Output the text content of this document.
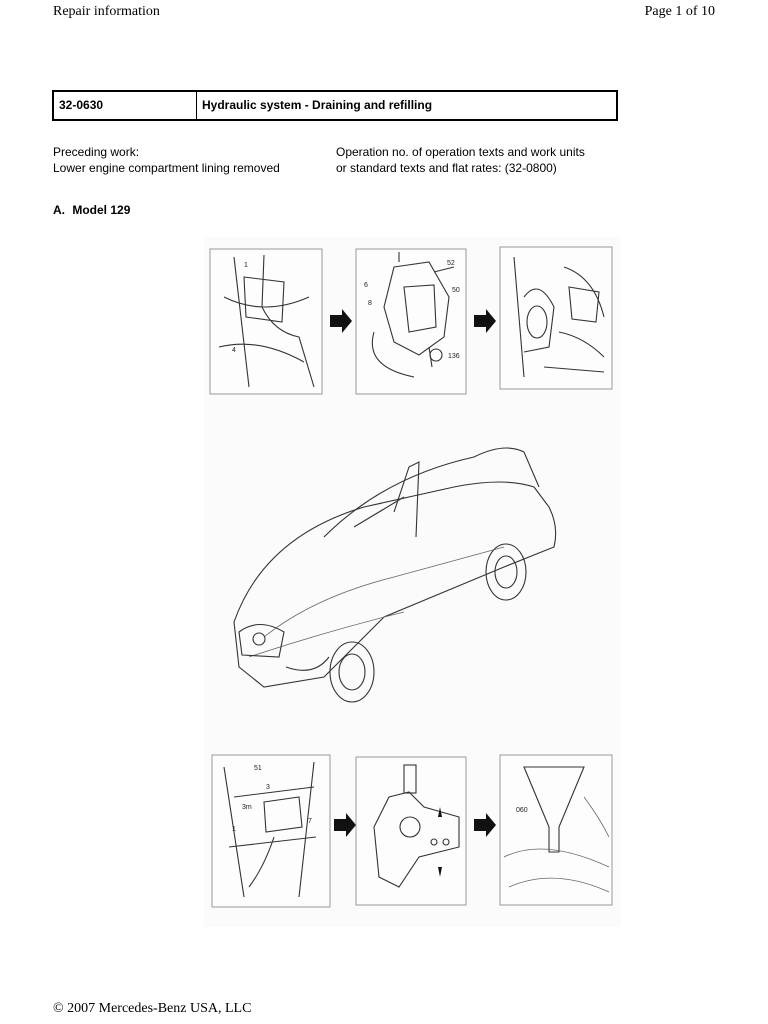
Repair information	Page 1 of 10
32-0630	Hydraulic system - Draining and refilling
Preceding work:
Lower engine compartment lining removed
Operation no. of operation texts and work units
or standard texts and flat rates: (32-0800)
A. Model 129
1
4
52
50
6
8
136
51
3
1
3m
7
060
© 2007 Mercedes-Benz USA, LLC
